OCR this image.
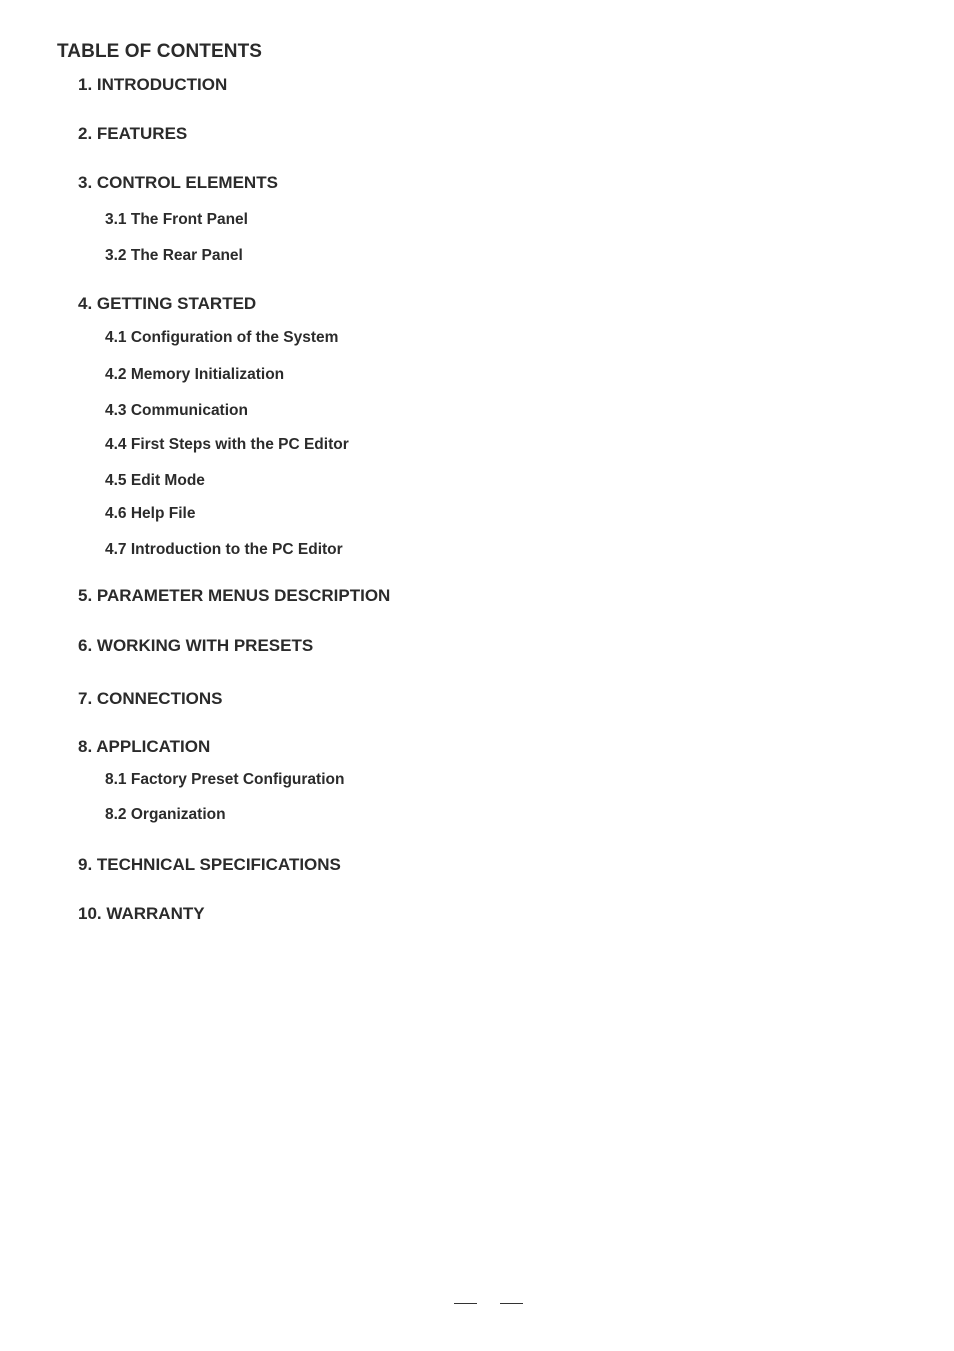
TABLE OF CONTENTS
1. INTRODUCTION
2. FEATURES
3. CONTROL ELEMENTS
3.1 The Front Panel
3.2 The Rear Panel
4. GETTING STARTED
4.1 Configuration of the System
4.2 Memory Initialization
4.3 Communication
4.4 First Steps with the PC Editor
4.5 Edit Mode
4.6 Help File
4.7 Introduction to the PC Editor
5. PARAMETER MENUS DESCRIPTION
6. WORKING WITH PRESETS
7. CONNECTIONS
8. APPLICATION
8.1 Factory Preset Configuration
8.2 Organization
9. TECHNICAL SPECIFICATIONS
10. WARRANTY
